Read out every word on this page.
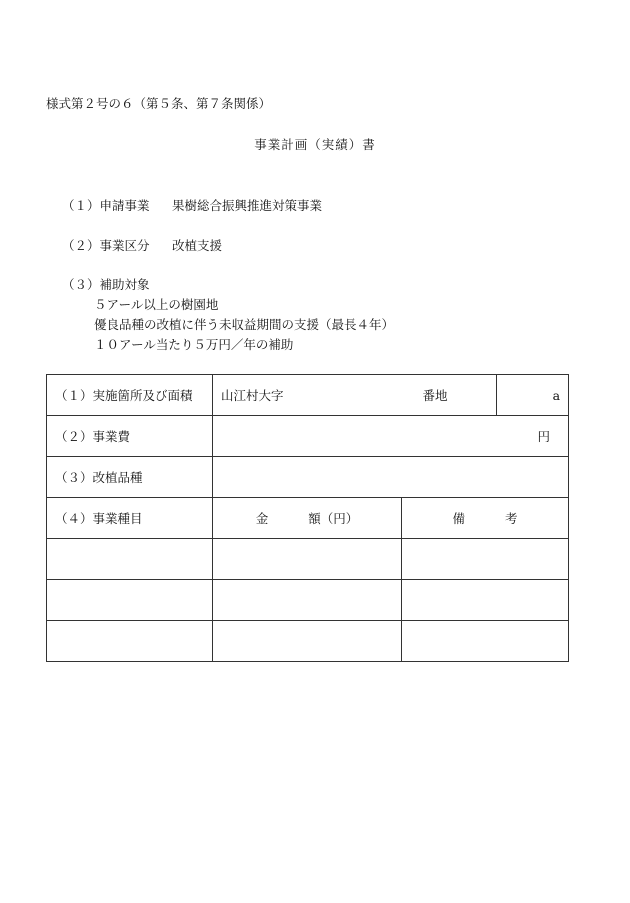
様式第２号の６（第５条、第７条関係）
事業計画（実績）書
（１）申請事業 果樹総合振興推進対策事業
（２）事業区分 改植支援
（３）補助対象
５アール以上の樹園地
優良品種の改植に伴う未収益期間の支援（最長４年）
１０アール当たり５万円／年の補助
（１）実施箇所及び面積	山江村大字 番地		a
（２）事業費	円		
（３）改植品種			
（４）事業種目	金 額（円）	備 考	
